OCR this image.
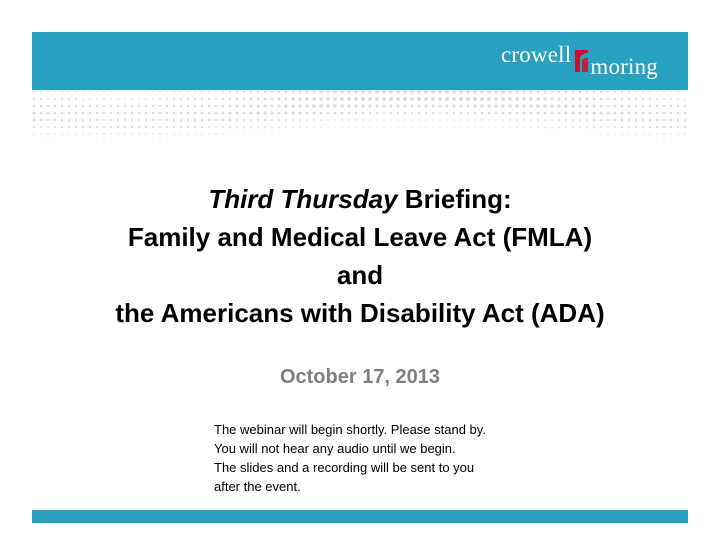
crowell moring
Third Thursday Briefing:
Family and Medical Leave Act (FMLA)
and
the Americans with Disability Act (ADA)
October 17, 2013
The webinar will begin shortly. Please stand by.
You will not hear any audio until we begin.
The slides and a recording will be sent to you
after the event.
